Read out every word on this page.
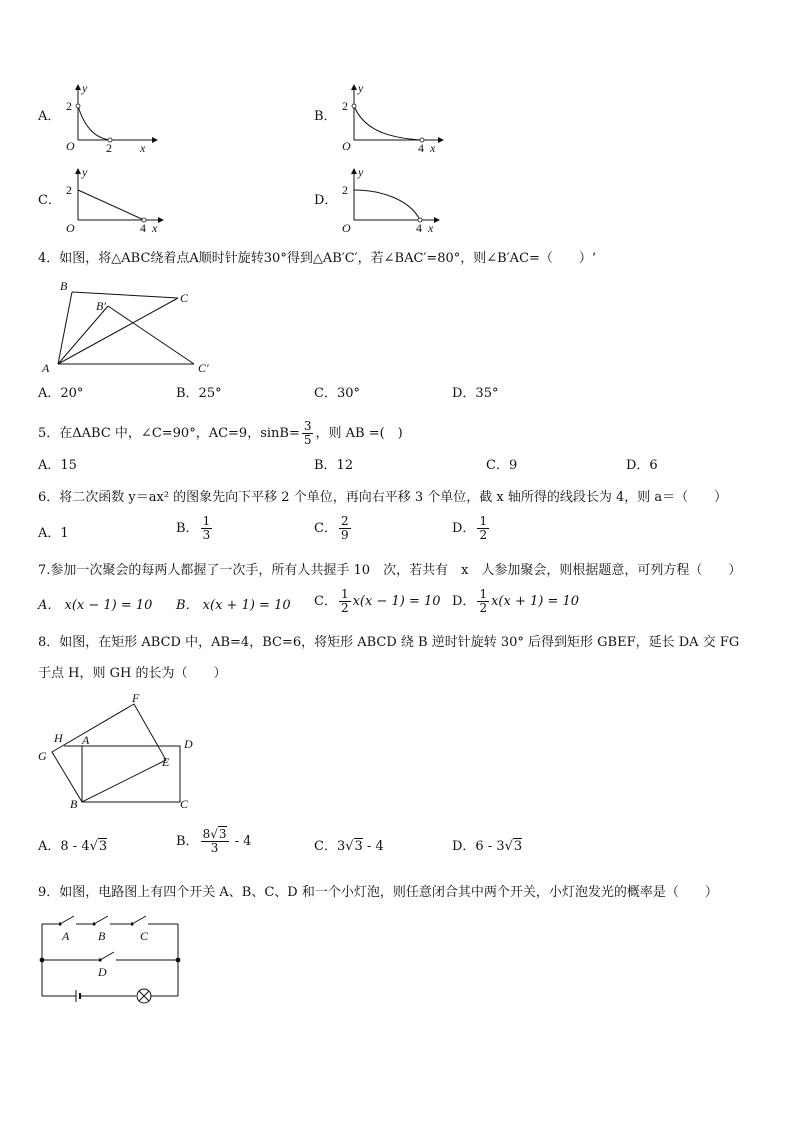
A．
y
2
O	2 x
B．
y
2
O	4 x
C．
y
2
O	4 x
D．
y
2
O	4 x
4．如图，将△ABC绕着点A顺时针旋转30°得到△AB′C′，若∠BAC′=80°，则∠B′AC=（　　）‘
B
B′
C
A	C′
A．20°	B．25°	C．30°	D．35°
5．在ΔABC 中，∠C=90°，AC=9，$\sin B= \frac{3}{5}$ ，则 AB =(　)
A．15	B．12	C．9	D．6
6．将二次函数 y＝ax² 的图象先向下平移 2 个单位，再向右平移 3 个单位，截 x 轴所得的线段长为 4，则 a＝（　　）
A．1	B． $\frac{1}{3}$	C． $\frac{2}{9}$	D． $\frac{1}{2}$
7.参加一次聚会的每两人都握了一次手，所有人共握手 10　次，若共有　x　人参加聚会，则根据题意，可列方程（　　）
A． x(x − 1) = 10 B． x(x + 1) = 10 C． $\frac{1}{2} x(x - 1) = 10$ D． $\frac{1}{2} x(x + 1) = 10$
8．如图，在矩形 ABCD 中，AB=4，BC=6，将矩形 ABCD 绕 B 逆时针旋转 30° 后得到矩形 GBEF，延长 DA 交 FG
于点 H，则 GH 的长为（　　）
F
H A	D
G	E
B	C
A．8 - 4√3	B． $\frac{8√3}{3} - 4$	C．3√3 - 4	D．6 - 3√3
9．如图，电路图上有四个开关 A、B、C、D 和一个小灯泡，则任意闭合其中两个开关，小灯泡发光的概率是（　　）
A B	C
D
